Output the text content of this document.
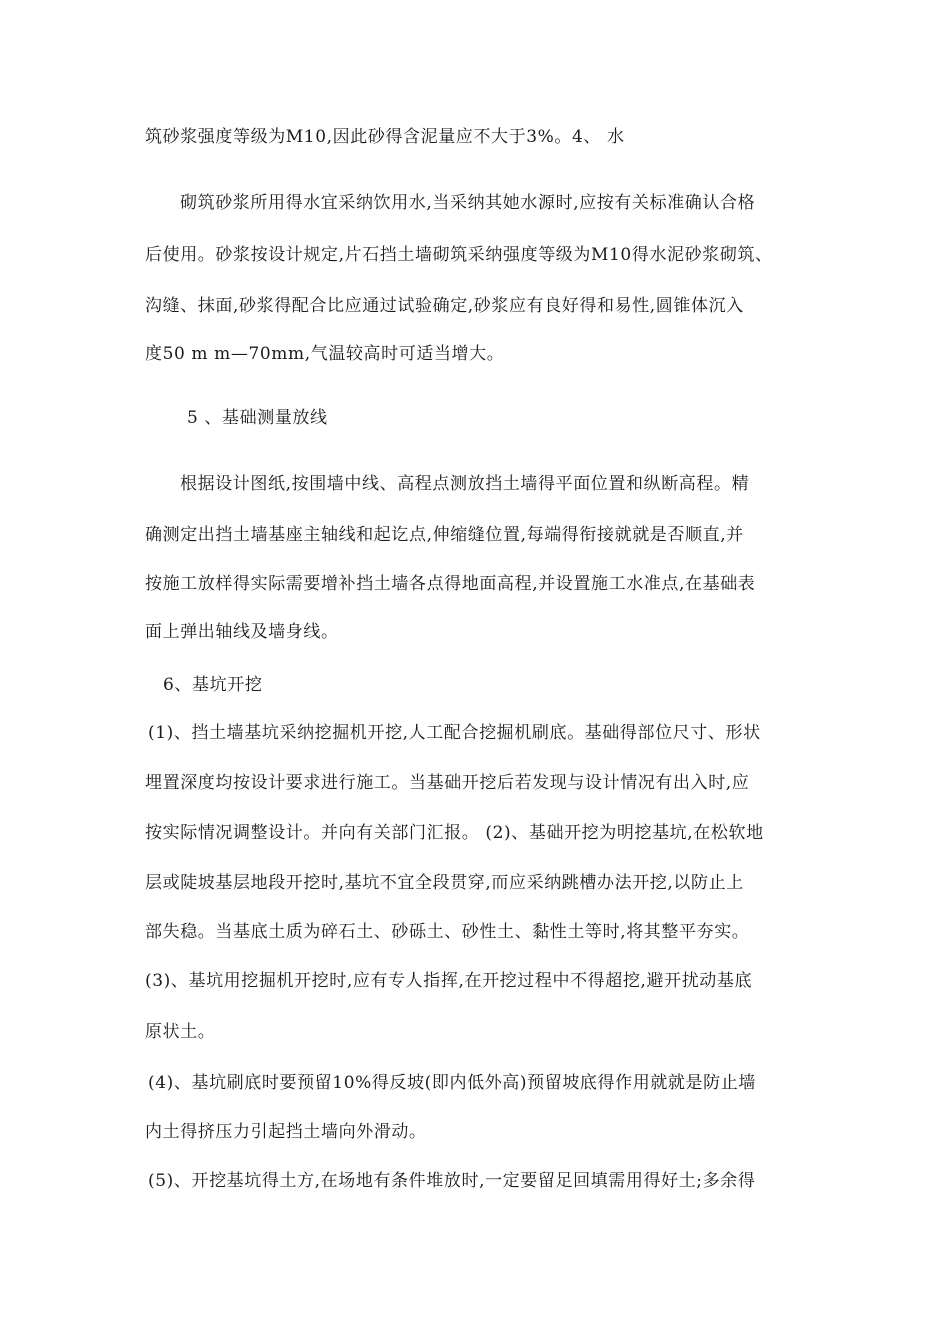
筑砂浆强度等级为M10,因此砂得含泥量应不大于3%。4、 水
砌筑砂浆所用得水宜采纳饮用水,当采纳其她水源时,应按有关标准确认合格
后使用。砂浆按设计规定,片石挡土墙砌筑采纳强度等级为M10得水泥砂浆砌筑、
沟缝、抹面,砂浆得配合比应通过试验确定,砂浆应有良好得和易性,圆锥体沉入
度50 m m—70mm,气温较高时可适当增大。
5 、基础测量放线
根据设计图纸,按围墙中线、高程点测放挡土墙得平面位置和纵断高程。精
确测定出挡土墙基座主轴线和起讫点,伸缩缝位置,每端得衔接就就是否顺直,并
按施工放样得实际需要增补挡土墙各点得地面高程,并设置施工水准点,在基础表
面上弹出轴线及墙身线。
6、基坑开挖
(1)、挡土墙基坑采纳挖掘机开挖,人工配合挖掘机刷底。基础得部位尺寸、形状
埋置深度均按设计要求进行施工。当基础开挖后若发现与设计情况有出入时,应
按实际情况调整设计。并向有关部门汇报。 (2)、基础开挖为明挖基坑,在松软地
层或陡坡基层地段开挖时,基坑不宜全段贯穿,而应采纳跳槽办法开挖,以防止上
部失稳。当基底土质为碎石土、砂砾土、砂性土、黏性土等时,将其整平夯实。
(3)、基坑用挖掘机开挖时,应有专人指挥,在开挖过程中不得超挖,避开扰动基底
原状土。
(4)、基坑刷底时要预留10%得反坡(即内低外高)预留坡底得作用就就是防止墙
内土得挤压力引起挡土墙向外滑动。
(5)、开挖基坑得土方,在场地有条件堆放时,一定要留足回填需用得好土;多余得
